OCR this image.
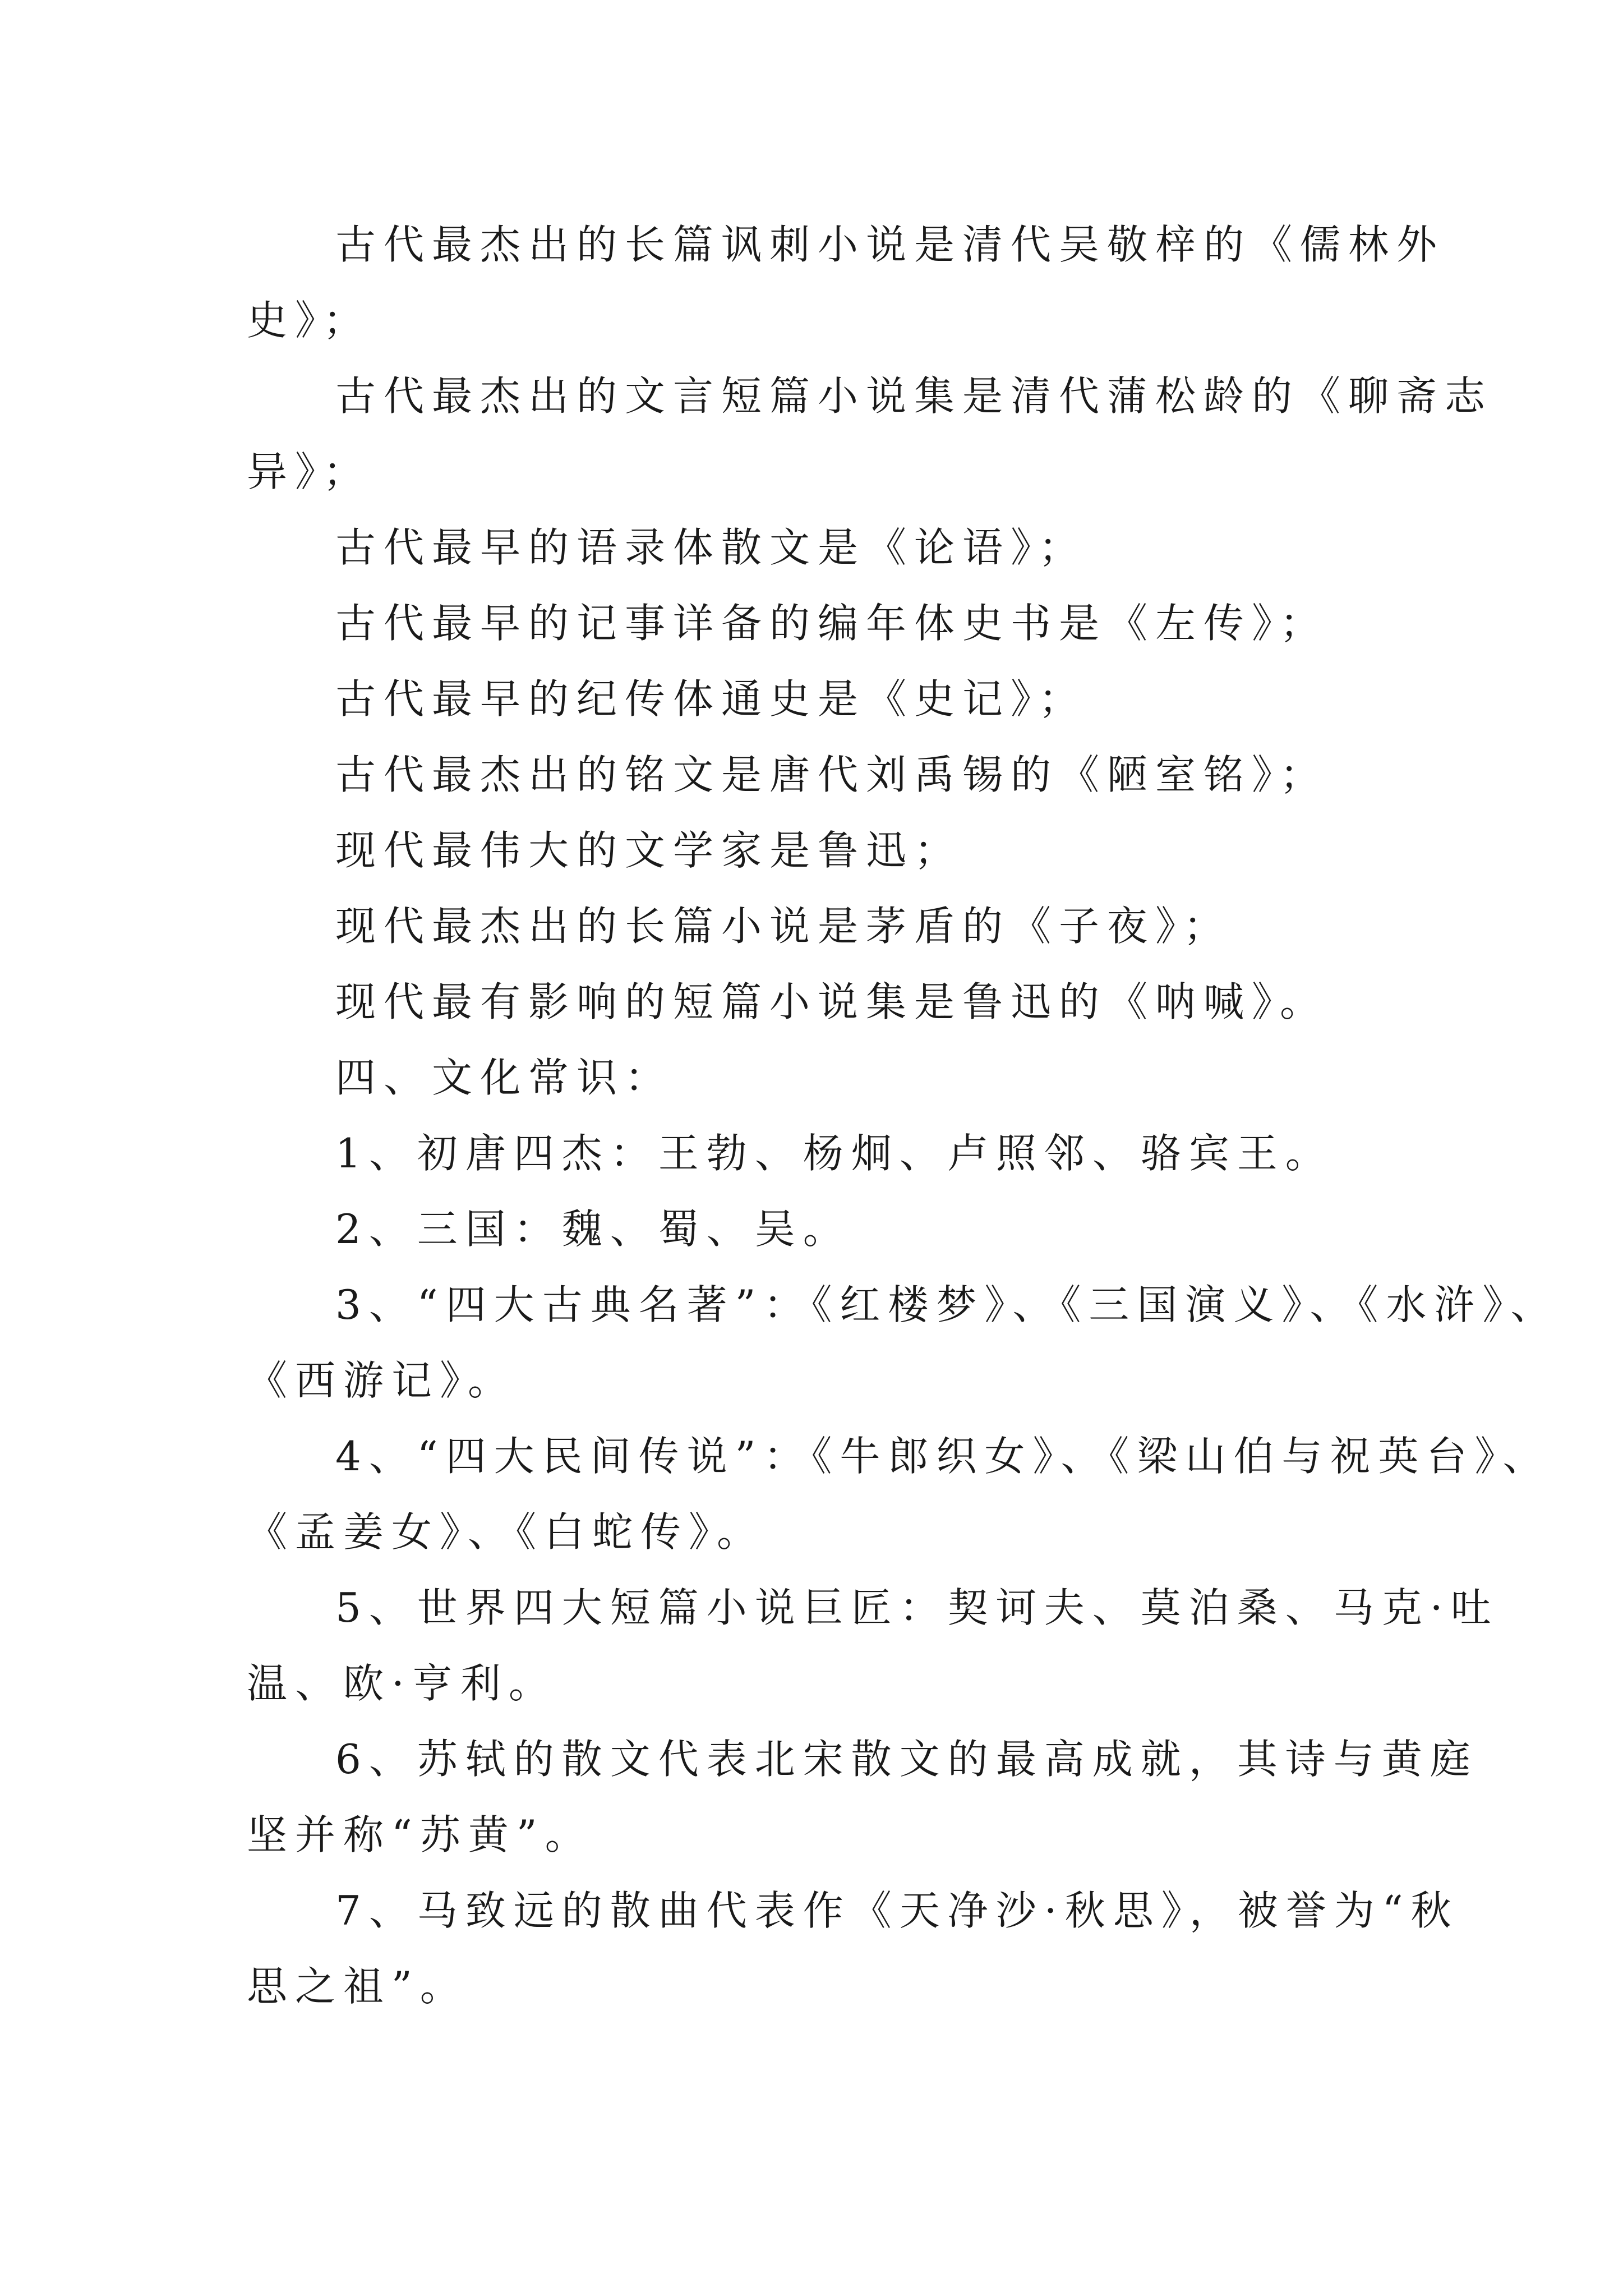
古代最杰出的长篇讽刺小说是清代吴敬梓的《儒林外

史》；

古代最杰出的文言短篇小说集是清代蒲松龄的《聊斋志

异》；

古代最早的语录体散文是《论语》；

古代最早的记事详备的编年体史书是《左传》；

古代最早的纪传体通史是《史记》；

古代最杰出的铭文是唐代刘禹锡的《陋室铭》；

现代最伟大的文学家是鲁迅；

现代最杰出的长篇小说是茅盾的《子夜》；

现代最有影响的短篇小说集是鲁迅的《呐喊》。

四、文化常识：

1、初唐四杰：王勃、杨炯、卢照邻、骆宾王。

2、三国：魏、蜀、吴。

3、“四大古典名著”：《红楼梦》、《三国演义》、《水浒》、

《西游记》。

4、“四大民间传说”：《牛郎织女》、《梁山伯与祝英台》、

《孟姜女》、《白蛇传》。

5、世界四大短篇小说巨匠：契诃夫、莫泊桑、马克·吐

温、欧·亨利。

6、苏轼的散文代表北宋散文的最高成就，其诗与黄庭

坚并称“苏黄”。

7、马致远的散曲代表作《天净沙·秋思》，被誉为“秋

思之祖”。
